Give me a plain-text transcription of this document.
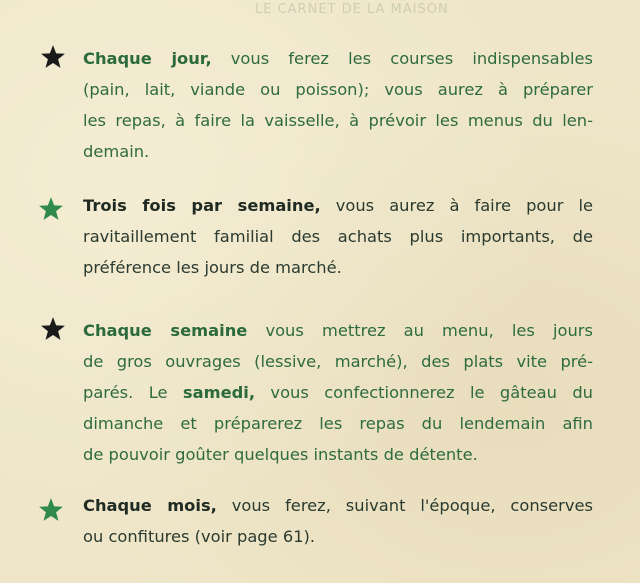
LE CARNET DE LA MAISON
Chaque jour, vous ferez les courses indispensables
(pain, lait, viande ou poisson); vous aurez à préparer
les repas, à faire la vaisselle, à prévoir les menus du len-
demain.
Trois fois par semaine, vous aurez à faire pour le
ravitaillement familial des achats plus importants, de
préférence les jours de marché.
Chaque semaine vous mettrez au menu, les jours
de gros ouvrages (lessive, marché), des plats vite pré-
parés. Le samedi, vous confectionnerez le gâteau du
dimanche et préparerez les repas du lendemain afin
de pouvoir goûter quelques instants de détente.
Chaque mois, vous ferez, suivant l'époque, conserves
ou confitures (voir page 61).
